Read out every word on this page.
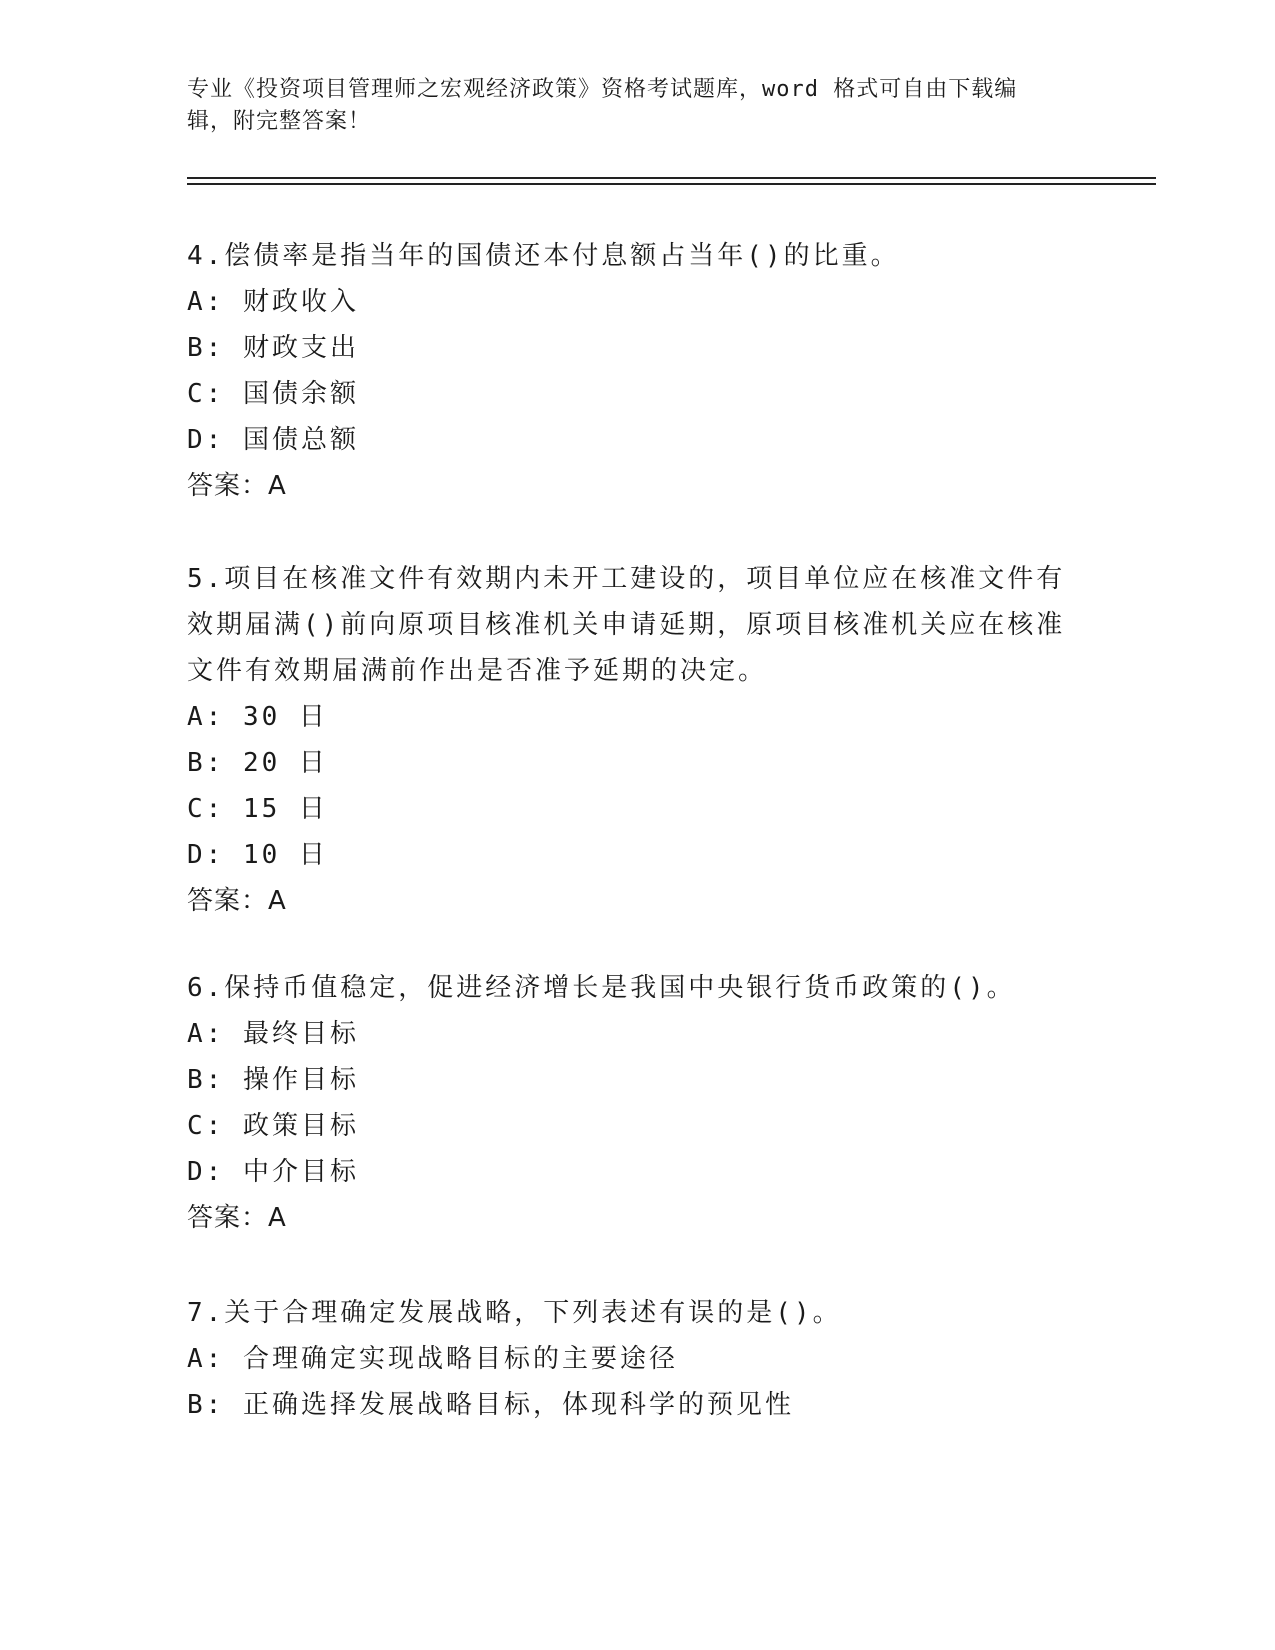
专业《投资项目管理师之宏观经济政策》资格考试题库，word 格式可自由下载编
辑，附完整答案！
4.偿债率是指当年的国债还本付息额占当年()的比重。
A: 财政收入
B: 财政支出
C: 国债余额
D: 国债总额
答案：A
5.项目在核准文件有效期内未开工建设的，项目单位应在核准文件有效期届满()前向原项目核准机关申请延期，原项目核准机关应在核准文件有效期届满前作出是否准予延期的决定。
A: 30 日
B: 20 日
C: 15 日
D: 10 日
答案：A
6.保持币值稳定，促进经济增长是我国中央银行货币政策的()。
A: 最终目标
B: 操作目标
C: 政策目标
D: 中介目标
答案：A
7.关于合理确定发展战略，下列表述有误的是()。
A: 合理确定实现战略目标的主要途径
B: 正确选择发展战略目标，体现科学的预见性
